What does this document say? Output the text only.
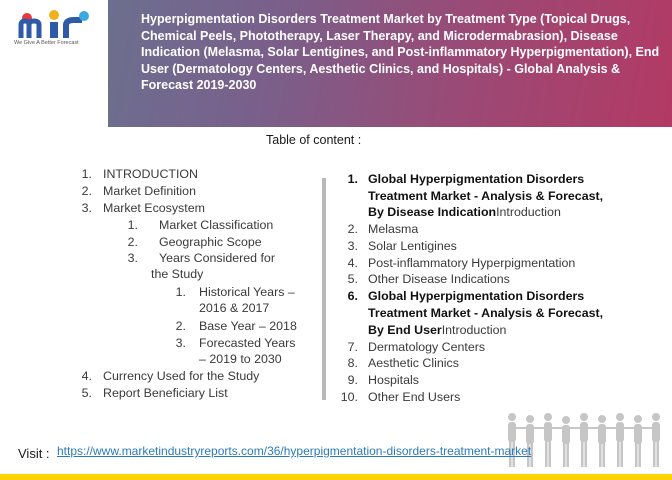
We Give A Better Forecast
Hyperpigmentation Disorders Treatment Market by Treatment Type (Topical Drugs, Chemical Peels, Phototherapy, Laser Therapy, and Microdermabrasion), Disease Indication (Melasma, Solar Lentigines, and Post-inflammatory Hyperpigmentation), End User (Dermatology Centers, Aesthetic Clinics, and Hospitals) - Global Analysis & Forecast 2019-2030
Table of content :
1. INTRODUCTION
2. Market Definition
3. Market Ecosystem
1. Market Classification
2. Geographic Scope
3. Years Considered for
the Study
1. Historical Years –
2016 & 2017
2. Base Year – 2018
3. Forecasted Years
– 2019 to 2030
4. Currency Used for the Study
5. Report Beneficiary List
1. Global Hyperpigmentation Disorders
Treatment Market - Analysis & Forecast,
By Disease IndicationIntroduction
2. Melasma
3. Solar Lentigines
4. Post-inflammatory Hyperpigmentation
5. Other Disease Indications
6. Global Hyperpigmentation Disorders
Treatment Market - Analysis & Forecast,
By End UserIntroduction
7. Dermatology Centers
8. Aesthetic Clinics
9. Hospitals
10. Other End Users
Visit : https://www.marketindustryreports.com/36/hyperpigmentation-disorders-treatment-market
